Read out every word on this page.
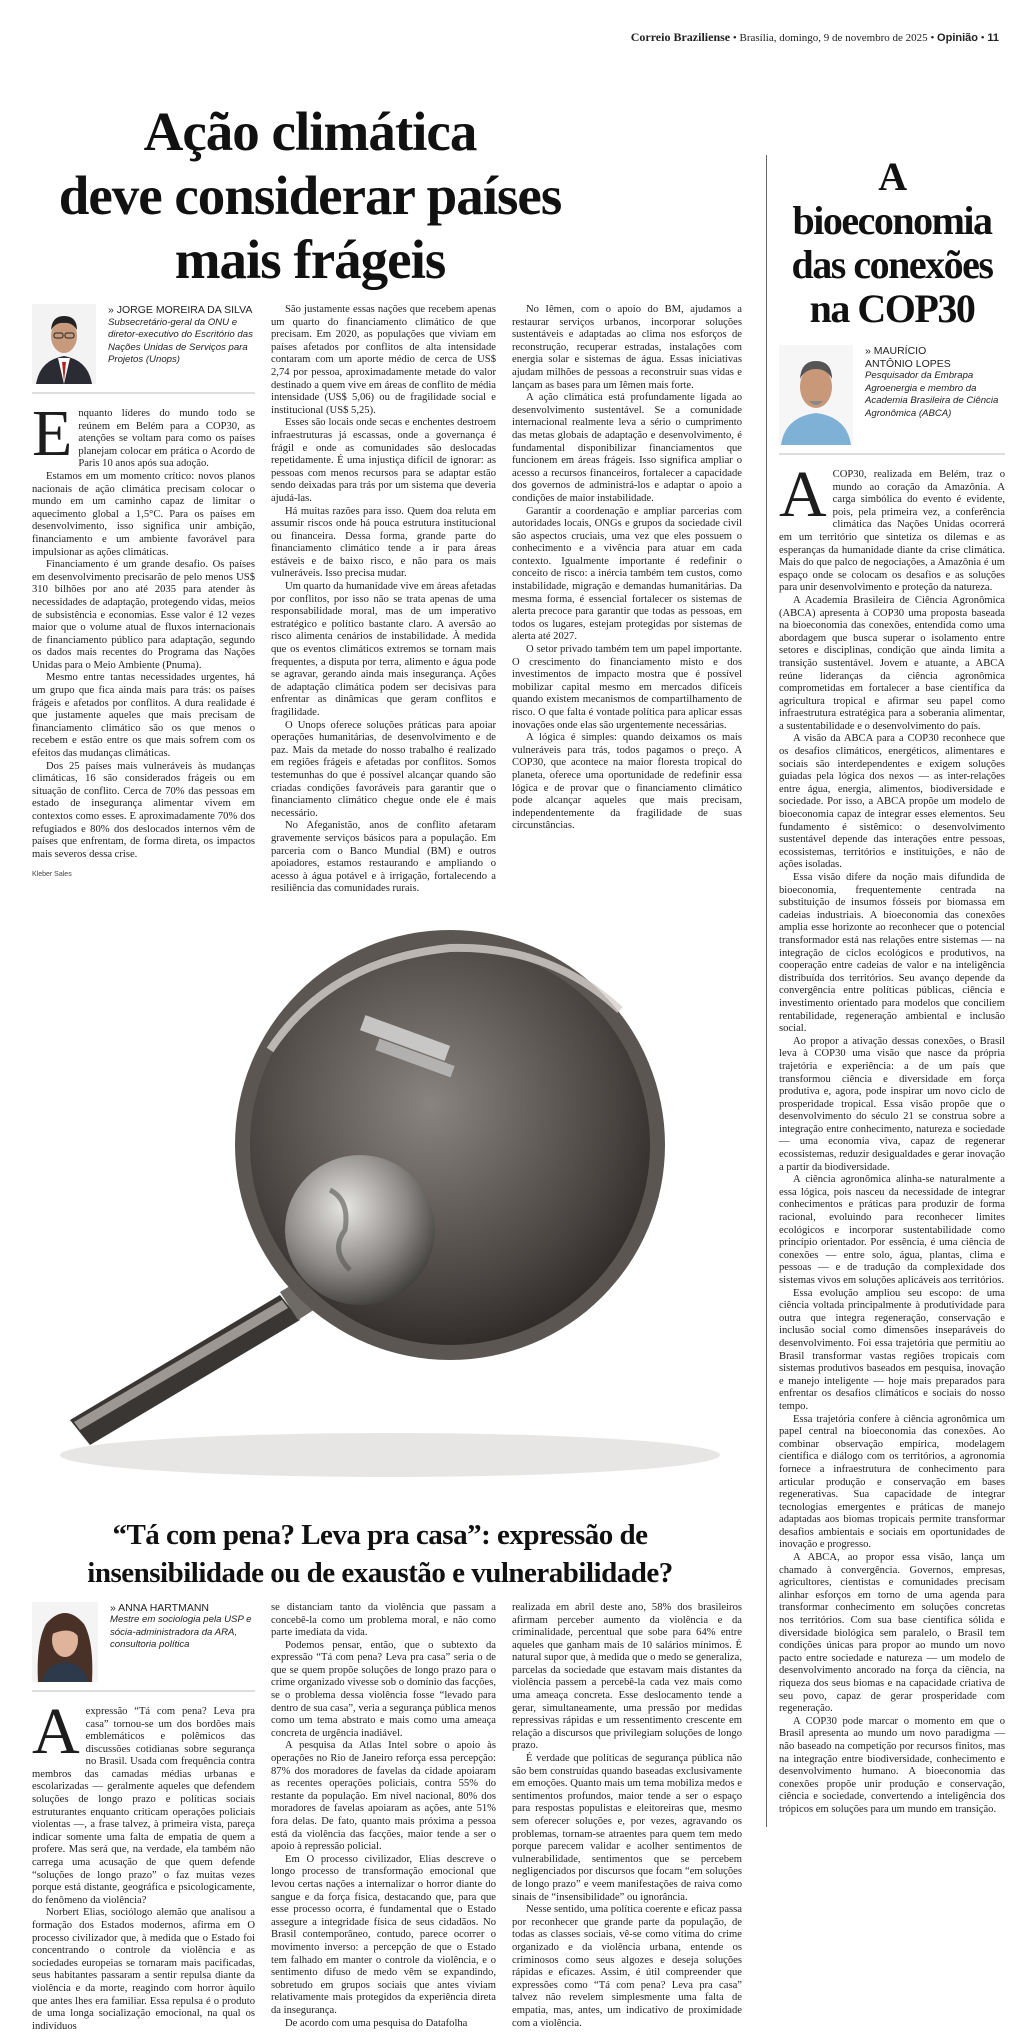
Correio Braziliense • Brasília, domingo, 9 de novembro de 2025 • Opinião • 11
Ação climática
deve considerar países
mais frágeis
» JORGE MOREIRA DA SILVA
Subsecretário-geral da ONU e diretor-executivo do Escritório das Nações Unidas de Serviços para Projetos (Unops)

Enquanto líderes do mundo todo se reúnem em Belém para a COP30, as atenções se voltam para como os países planejam colocar em prática o Acordo de Paris 10 anos após sua adoção.

Estamos em um momento crítico: novos planos nacionais de ação climática precisam colocar o mundo em um caminho capaz de limitar o aquecimento global a 1,5°C. Para os países em desenvolvimento, isso significa unir ambição, financiamento e um ambiente favorável para impulsionar as ações climáticas.

Financiamento é um grande desafio. Os países em desenvolvimento precisarão de pelo menos US$ 310 bilhões por ano até 2035 para atender às necessidades de adaptação, protegendo vidas, meios de subsistência e economias. Esse valor é 12 vezes maior que o volume atual de fluxos internacionais de financiamento público para adaptação, segundo os dados mais recentes do Programa das Nações Unidas para o Meio Ambiente (Pnuma).

Mesmo entre tantas necessidades urgentes, há um grupo que fica ainda mais para trás: os países frágeis e afetados por conflitos. A dura realidade é que justamente aqueles que mais precisam de financiamento climático são os que menos o recebem e estão entre os que mais sofrem com os efeitos das mudanças climáticas.

Dos 25 países mais vulneráveis às mudanças climáticas, 16 são considerados frágeis ou em situação de conflito. Cerca de 70% das pessoas em estado de insegurança alimentar vivem em contextos como esses. E aproximadamente 70% dos refugiados e 80% dos deslocados internos vêm de países que enfrentam, de forma direta, os impactos mais severos dessa crise.

Kleber Sales

São justamente essas nações que recebem apenas um quarto do financiamento climático de que precisam. Em 2020, as populações que viviam em países afetados por conflitos de alta intensidade contaram com um aporte médio de cerca de US$ 2,74 por pessoa, aproximadamente metade do valor destinado a quem vive em áreas de conflito de média intensidade (US$ 5,06) ou de fragilidade social e institucional (US$ 5,25).

Esses são locais onde secas e enchentes destroem infraestruturas já escassas, onde a governança é frágil e onde as comunidades são deslocadas repetidamente. É uma injustiça difícil de ignorar: as pessoas com menos recursos para se adaptar estão sendo deixadas para trás por um sistema que deveria ajudá-las.

Há muitas razões para isso. Quem doa reluta em assumir riscos onde há pouca estrutura institucional ou financeira. Dessa forma, grande parte do financiamento climático tende a ir para áreas estáveis e de baixo risco, e não para os mais vulneráveis. Isso precisa mudar.

Um quarto da humanidade vive em áreas afetadas por conflitos, por isso não se trata apenas de uma responsabilidade moral, mas de um imperativo estratégico e político bastante claro. A aversão ao risco alimenta cenários de instabilidade. À medida que os eventos climáticos extremos se tornam mais frequentes, a disputa por terra, alimento e água pode se agravar, gerando ainda mais insegurança. Ações de adaptação climática podem ser decisivas para enfrentar as dinâmicas que geram conflitos e fragilidade.

O Unops oferece soluções práticas para apoiar operações humanitárias, de desenvolvimento e de paz. Mais da metade do nosso trabalho é realizado em regiões frágeis e afetadas por conflitos. Somos testemunhas do que é possível alcançar quando são criadas condições favoráveis para garantir que o financiamento climático chegue onde ele é mais necessário.

No Afeganistão, anos de conflito afetaram gravemente serviços básicos para a população. Em parceria com o Banco Mundial (BM) e outros apoiadores, estamos restaurando e ampliando o acesso à água potável e à irrigação, fortalecendo a resiliência das comunidades rurais.

No Iêmen, com o apoio do BM, ajudamos a restaurar serviços urbanos, incorporar soluções sustentáveis e adaptadas ao clima nos esforços de reconstrução, recuperar estradas, instalações com energia solar e sistemas de água. Essas iniciativas ajudam milhões de pessoas a reconstruir suas vidas e lançam as bases para um Iêmen mais forte.

A ação climática está profundamente ligada ao desenvolvimento sustentável. Se a comunidade internacional realmente leva a sério o cumprimento das metas globais de adaptação e desenvolvimento, é fundamental disponibilizar financiamentos que funcionem em áreas frágeis. Isso significa ampliar o acesso a recursos financeiros, fortalecer a capacidade dos governos de administrá-los e adaptar o apoio a condições de maior instabilidade.

Garantir a coordenação e ampliar parcerias com autoridades locais, ONGs e grupos da sociedade civil são aspectos cruciais, uma vez que eles possuem o conhecimento e a vivência para atuar em cada contexto. Igualmente importante é redefinir o conceito de risco: a inércia também tem custos, como instabilidade, migração e demandas humanitárias. Da mesma forma, é essencial fortalecer os sistemas de alerta precoce para garantir que todas as pessoas, em todos os lugares, estejam protegidas por sistemas de alerta até 2027.

O setor privado também tem um papel importante. O crescimento do financiamento misto e dos investimentos de impacto mostra que é possível mobilizar capital mesmo em mercados difíceis quando existem mecanismos de compartilhamento de risco. O que falta é vontade política para aplicar essas inovações onde elas são urgentemente necessárias.

A lógica é simples: quando deixamos os mais vulneráveis para trás, todos pagamos o preço. A COP30, que acontece na maior floresta tropical do planeta, oferece uma oportunidade de redefinir essa lógica e de provar que o financiamento climático pode alcançar aqueles que mais precisam, independentemente da fragilidade de suas circunstâncias.

“Tá com pena? Leva pra casa”: expressão de
insensibilidade ou de exaustão e vulnerabilidade?
» ANNA HARTMANN
Mestre em sociologia pela USP e sócia-administradora da ARA, consultoria política

Aexpressão “Tá com pena? Leva pra casa” tornou-se um dos bordões mais emblemáticos e polêmicos das discussões cotidianas sobre segurança no Brasil. Usada com frequência contra membros das camadas médias urbanas e escolarizadas — geralmente aqueles que defendem soluções de longo prazo e políticas sociais estruturantes enquanto criticam operações policiais violentas —, a frase talvez, à primeira vista, pareça indicar somente uma falta de empatia de quem a profere. Mas será que, na verdade, ela também não carrega uma acusação de que quem defende “soluções de longo prazo” o faz muitas vezes porque está distante, geográfica e psicologicamente, do fenômeno da violência?

Norbert Elias, sociólogo alemão que analisou a formação dos Estados modernos, afirma em O processo civilizador que, à medida que o Estado foi concentrando o controle da violência e as sociedades europeias se tornaram mais pacificadas, seus habitantes passaram a sentir repulsa diante da violência e da morte, reagindo com horror àquilo que antes lhes era familiar. Essa repulsa é o produto de uma longa socialização emocional, na qual os indivíduos

se distanciam tanto da violência que passam a concebê-la como um problema moral, e não como parte imediata da vida.

Podemos pensar, então, que o subtexto da expressão “Tá com pena? Leva pra casa” seria o de que se quem propõe soluções de longo prazo para o crime organizado vivesse sob o domínio das facções, se o problema dessa violência fosse “levado para dentro de sua casa”, veria a segurança pública menos como um tema abstrato e mais como uma ameaça concreta de urgência inadiável.

A pesquisa da Atlas Intel sobre o apoio às operações no Rio de Janeiro reforça essa percepção: 87% dos moradores de favelas da cidade apoiaram as recentes operações policiais, contra 55% do restante da população. Em nível nacional, 80% dos moradores de favelas apoiaram as ações, ante 51% fora delas. De fato, quanto mais próxima a pessoa está da violência das facções, maior tende a ser o apoio à repressão policial.

Em O processo civilizador, Elias descreve o longo processo de transformação emocional que levou certas nações a internalizar o horror diante do sangue e da força física, destacando que, para que esse processo ocorra, é fundamental que o Estado assegure a integridade física de seus cidadãos. No Brasil contemporâneo, contudo, parece ocorrer o movimento inverso: a percepção de que o Estado tem falhado em manter o controle da violência, e o sentimento difuso de medo vêm se expandindo, sobretudo em grupos sociais que antes viviam relativamente mais protegidos da experiência direta da insegurança.

De acordo com uma pesquisa do Datafolha

realizada em abril deste ano, 58% dos brasileiros afirmam perceber aumento da violência e da criminalidade, percentual que sobe para 64% entre aqueles que ganham mais de 10 salários mínimos. É natural supor que, à medida que o medo se generaliza, parcelas da sociedade que estavam mais distantes da violência passem a percebê-la cada vez mais como uma ameaça concreta. Esse deslocamento tende a gerar, simultaneamente, uma pressão por medidas repressivas rápidas e um ressentimento crescente em relação a discursos que privilegiam soluções de longo prazo.

É verdade que políticas de segurança pública não são bem construídas quando baseadas exclusivamente em emoções. Quanto mais um tema mobiliza medos e sentimentos profundos, maior tende a ser o espaço para respostas populistas e eleitoreiras que, mesmo sem oferecer soluções e, por vezes, agravando os problemas, tornam-se atraentes para quem tem medo porque parecem validar e acolher sentimentos de vulnerabilidade, sentimentos que se percebem negligenciados por discursos que focam “em soluções de longo prazo” e veem manifestações de raiva como sinais de “insensibilidade” ou ignorância.

Nesse sentido, uma política coerente e eficaz passa por reconhecer que grande parte da população, de todas as classes sociais, vê-se como vítima do crime organizado e da violência urbana, entende os criminosos como seus algozes e deseja soluções rápidas e eficazes. Assim, é útil compreender que expressões como “Tá com pena? Leva pra casa” talvez não revelem simplesmente uma falta de empatia, mas, antes, um indicativo de proximidade com a violência.

A bioeconomia
das conexões
na COP30
» MAURÍCIO
ANTÔNIO LOPES
Pesquisador da Embrapa Agroenergia e membro da Academia Brasileira de Ciência Agronômica (ABCA)

ACOP30, realizada em Belém, traz o mundo ao coração da Amazônia. A carga simbólica do evento é evidente, pois, pela primeira vez, a conferência climática das Nações Unidas ocorrerá em um território que sintetiza os dilemas e as esperanças da humanidade diante da crise climática. Mais do que palco de negociações, a Amazônia é um espaço onde se colocam os desafios e as soluções para unir desenvolvimento e proteção da natureza.

A Academia Brasileira de Ciência Agronômica (ABCA) apresenta à COP30 uma proposta baseada na bioeconomia das conexões, entendida como uma abordagem que busca superar o isolamento entre setores e disciplinas, condição que ainda limita a transição sustentável. Jovem e atuante, a ABCA reúne lideranças da ciência agronômica comprometidas em fortalecer a base científica da agricultura tropical e afirmar seu papel como infraestrutura estratégica para a soberania alimentar, a sustentabilidade e o desenvolvimento do país.

A visão da ABCA para a COP30 reconhece que os desafios climáticos, energéticos, alimentares e sociais são interdependentes e exigem soluções guiadas pela lógica dos nexos — as inter-relações entre água, energia, alimentos, biodiversidade e sociedade. Por isso, a ABCA propõe um modelo de bioeconomia capaz de integrar esses elementos. Seu fundamento é sistêmico: o desenvolvimento sustentável depende das interações entre pessoas, ecossistemas, territórios e instituições, e não de ações isoladas.

Essa visão difere da noção mais difundida de bioeconomia, frequentemente centrada na substituição de insumos fósseis por biomassa em cadeias industriais. A bioeconomia das conexões amplia esse horizonte ao reconhecer que o potencial transformador está nas relações entre sistemas — na integração de ciclos ecológicos e produtivos, na cooperação entre cadeias de valor e na inteligência distribuída dos territórios. Seu avanço depende da convergência entre políticas públicas, ciência e investimento orientado para modelos que conciliem rentabilidade, regeneração ambiental e inclusão social.

Ao propor a ativação dessas conexões, o Brasil leva à COP30 uma visão que nasce da própria trajetória e experiência: a de um país que transformou ciência e diversidade em força produtiva e, agora, pode inspirar um novo ciclo de prosperidade tropical. Essa visão propõe que o desenvolvimento do século 21 se construa sobre a integração entre conhecimento, natureza e sociedade — uma economia viva, capaz de regenerar ecossistemas, reduzir desigualdades e gerar inovação a partir da biodiversidade.

A ciência agronômica alinha-se naturalmente a essa lógica, pois nasceu da necessidade de integrar conhecimentos e práticas para produzir de forma racional, evoluindo para reconhecer limites ecológicos e incorporar sustentabilidade como princípio orientador. Por essência, é uma ciência de conexões — entre solo, água, plantas, clima e pessoas — e de tradução da complexidade dos sistemas vivos em soluções aplicáveis aos territórios.

Essa evolução ampliou seu escopo: de uma ciência voltada principalmente à produtividade para outra que integra regeneração, conservação e inclusão social como dimensões inseparáveis do desenvolvimento. Foi essa trajetória que permitiu ao Brasil transformar vastas regiões tropicais com sistemas produtivos baseados em pesquisa, inovação e manejo inteligente — hoje mais preparados para enfrentar os desafios climáticos e sociais do nosso tempo.

Essa trajetória confere à ciência agronômica um papel central na bioeconomia das conexões. Ao combinar observação empírica, modelagem científica e diálogo com os territórios, a agronomia fornece a infraestrutura de conhecimento para articular produção e conservação em bases regenerativas. Sua capacidade de integrar tecnologias emergentes e práticas de manejo adaptadas aos biomas tropicais permite transformar desafios ambientais e sociais em oportunidades de inovação e progresso.

A ABCA, ao propor essa visão, lança um chamado à convergência. Governos, empresas, agricultores, cientistas e comunidades precisam alinhar esforços em torno de uma agenda para transformar conhecimento em soluções concretas nos territórios. Com sua base científica sólida e diversidade biológica sem paralelo, o Brasil tem condições únicas para propor ao mundo um novo pacto entre sociedade e natureza — um modelo de desenvolvimento ancorado na força da ciência, na riqueza dos seus biomas e na capacidade criativa de seu povo, capaz de gerar prosperidade com regeneração.

A COP30 pode marcar o momento em que o Brasil apresenta ao mundo um novo paradigma — não baseado na competição por recursos finitos, mas na integração entre biodiversidade, conhecimento e desenvolvimento humano. A bioeconomia das conexões propõe unir produção e conservação, ciência e sociedade, convertendo a inteligência dos trópicos em soluções para um mundo em transição.
